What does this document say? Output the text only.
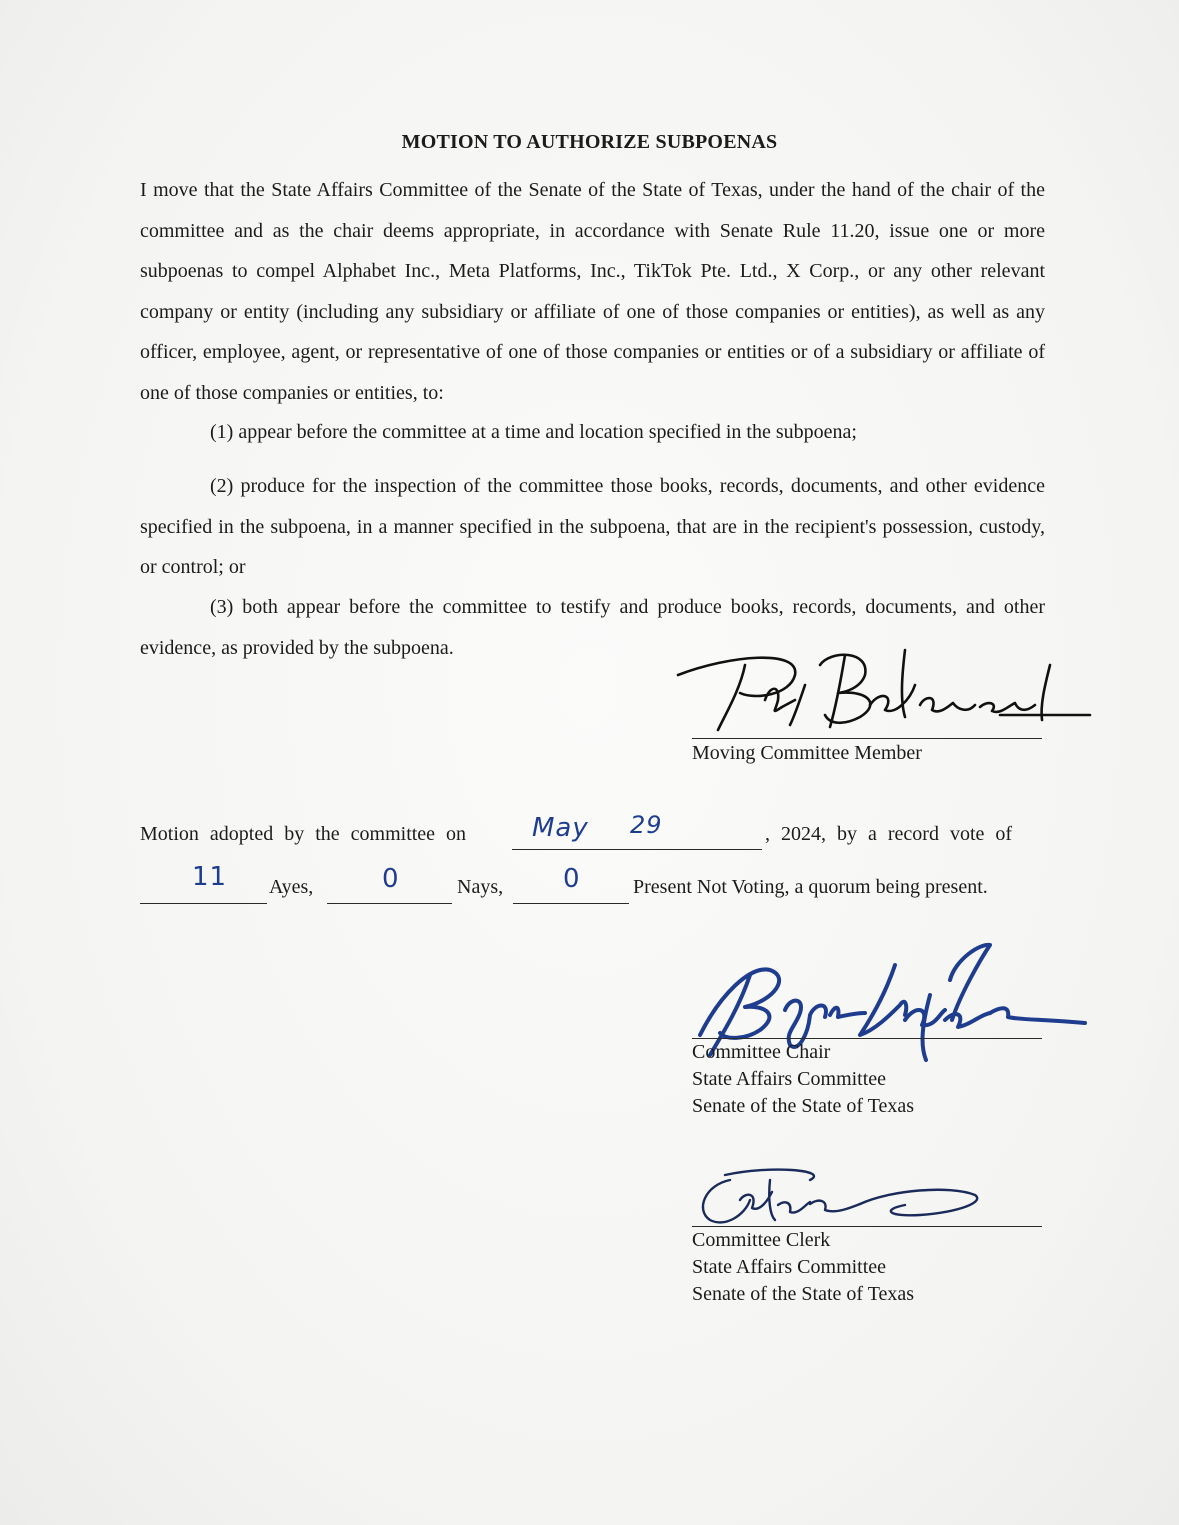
MOTION TO AUTHORIZE SUBPOENAS
I move that the State Affairs Committee of the Senate of the State of Texas, under the hand of the chair of the committee and as the chair deems appropriate, in accordance with Senate Rule 11.20, issue one or more subpoenas to compel Alphabet Inc., Meta Platforms, Inc., TikTok Pte. Ltd., X Corp., or any other relevant company or entity (including any subsidiary or affiliate of one of those companies or entities), as well as any officer, employee, agent, or representative of one of those companies or entities or of a subsidiary or affiliate of one of those companies or entities, to:
(1) appear before the committee at a time and location specified in the subpoena;
(2) produce for the inspection of the committee those books, records, documents, and other evidence specified in the subpoena, in a manner specified in the subpoena, that are in the recipient's possession, custody, or control; or
(3) both appear before the committee to testify and produce books, records, documents, and other evidence, as provided by the subpoena.
Moving Committee Member
Motion adopted by the committee on	May 29	, 2024, by a record vote of
11 Ayes,	0	Nays, 0	Present Not Voting, a quorum being present.
Committee Chair
State Affairs Committee
Senate of the State of Texas
Committee Clerk
State Affairs Committee
Senate of the State of Texas
